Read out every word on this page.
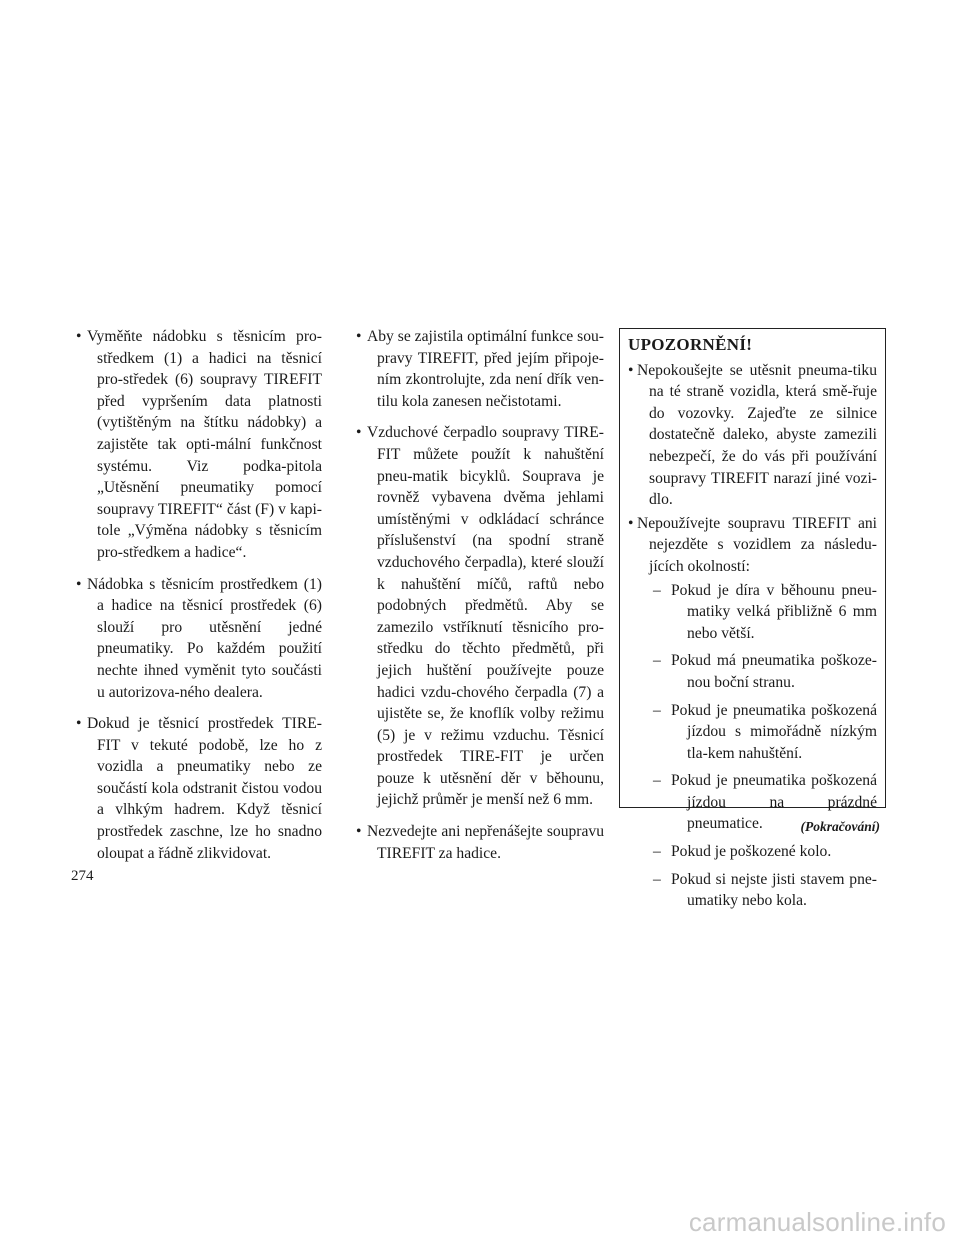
• Vyměňte nádobku s těsnicím pro-středkem (1) a hadici na těsnicí pro-středek (6) soupravy TIREFIT před vypršením data platnosti (vytištěným na štítku nádobky) a zajistěte tak opti-mální funkčnost systému. Viz podka-pitola „Utěsnění pneumatiky pomocí soupravy TIREFIT“ část (F) v kapi-tole „Výměna nádobky s těsnicím pro-středkem a hadice“.
• Nádobka s těsnicím prostředkem (1) a hadice na těsnicí prostředek (6) slouží pro utěsnění jedné pneumatiky. Po každém použití nechte ihned vyměnit tyto součásti u autorizova-ného dealera.
• Dokud je těsnicí prostředek TIRE-FIT v tekuté podobě, lze ho z vozidla a pneumatiky nebo ze součástí kola odstranit čistou vodou a vlhkým hadrem. Když těsnicí prostředek zaschne, lze ho snadno oloupat a řádně zlikvidovat.
• Aby se zajistila optimální funkce sou-pravy TIREFIT, před jejím připoje-ním zkontrolujte, zda není dřík ven-tilu kola zanesen nečistotami.
• Vzduchové čerpadlo soupravy TIRE-FIT můžete použít k nahuštění pneu-matik bicyklů. Souprava je rovněž vybavena dvěma jehlami umístěnými v odkládací schránce příslušenství (na spodní straně vzduchového čerpadla), které slouží k nahuštění míčů, raftů nebo podobných předmětů. Aby se zamezilo vstříknutí těsnicího pro-středku do těchto předmětů, při jejich huštění používejte pouze hadici vzdu-chového čerpadla (7) a ujistěte se, že knoflík volby režimu (5) je v režimu vzduchu. Těsnicí prostředek TIRE-FIT je určen pouze k utěsnění děr v běhounu, jejichž průměr je menší než 6 mm.
• Nezvedejte ani nepřenášejte soupravu TIREFIT za hadice.
UPOZORNĚNÍ!
• Nepokoušejte se utěsnit pneuma-tiku na té straně vozidla, která smě-řuje do vozovky. Zajeďte ze silnice dostatečně daleko, abyste zamezili nebezpečí, že do vás při používání soupravy TIREFIT narazí jiné vozi-dlo.
• Nepoužívejte soupravu TIREFIT ani nejezděte s vozidlem za následu-jících okolností:
– Pokud je díra v běhounu pneu-matiky velká přibližně 6 mm nebo větší.
– Pokud má pneumatika poškoze-nou boční stranu.
– Pokud je pneumatika poškozená jízdou s mimořádně nízkým tla-kem nahuštění.
– Pokud je pneumatika poškozená jízdou na prázdné pneumatice.
– Pokud je poškozené kolo.
– Pokud si nejste jisti stavem pne-umatiky nebo kola.
(Pokračování)
274
carmanualsonline.info
